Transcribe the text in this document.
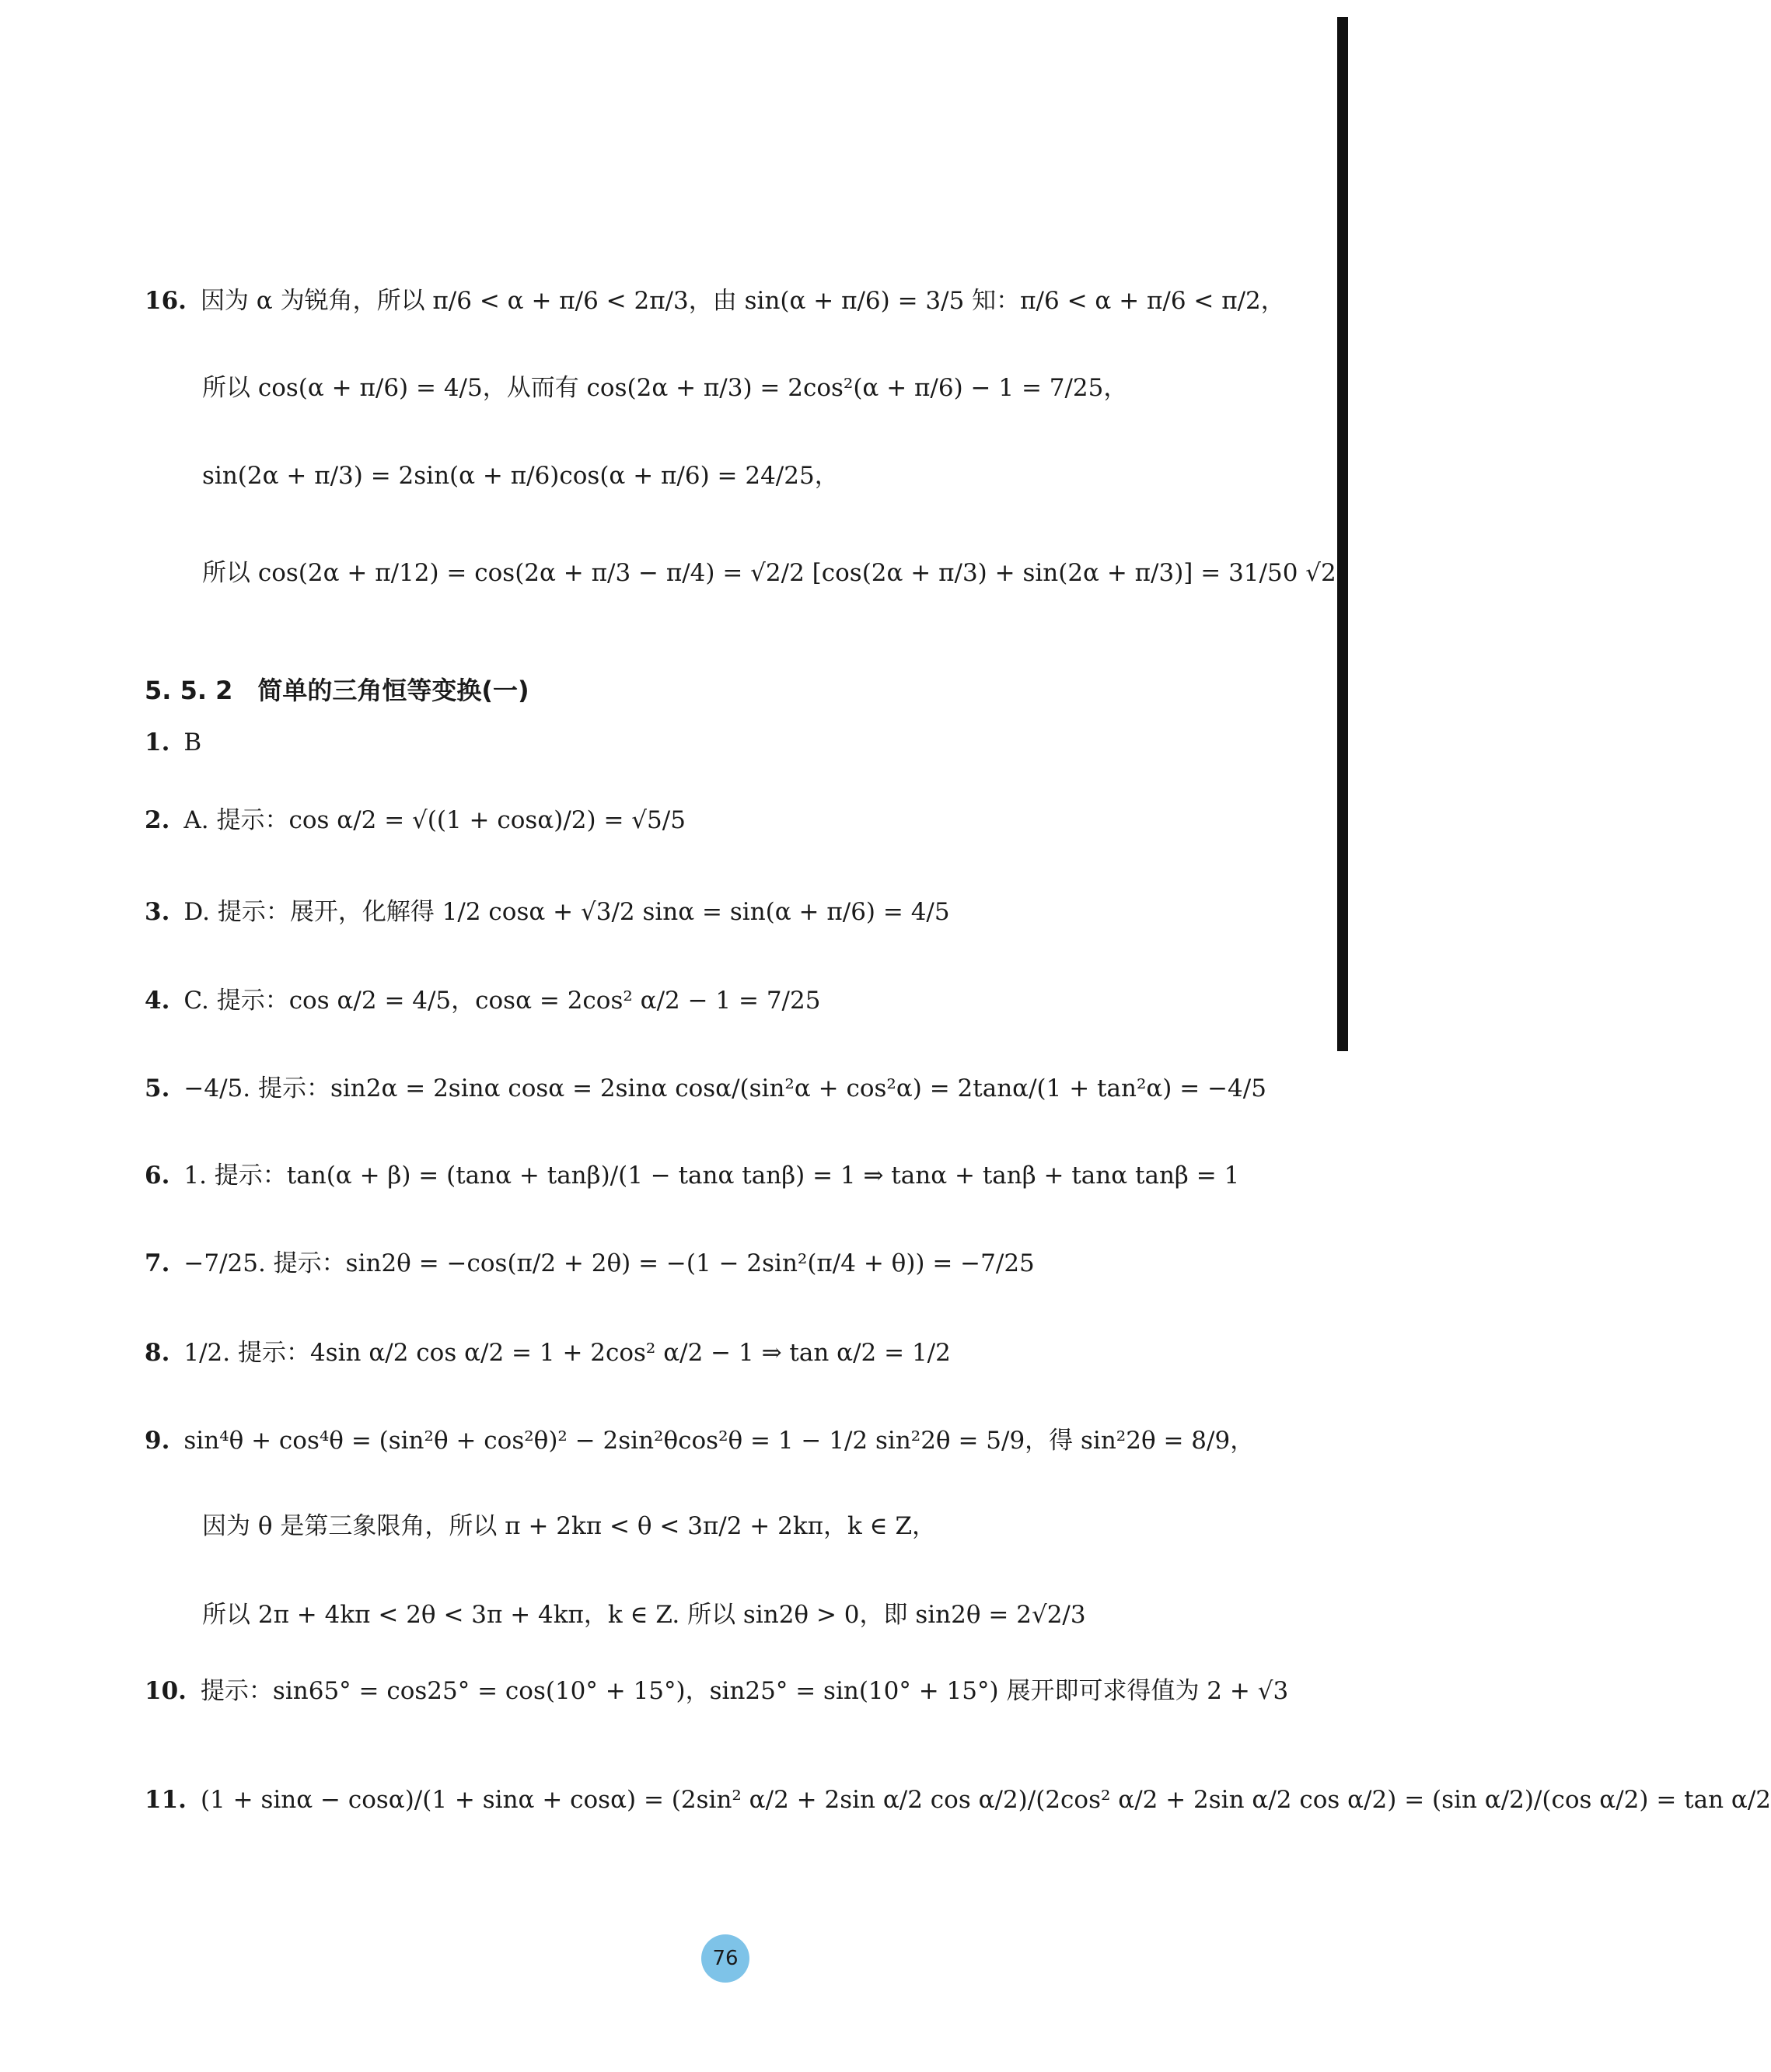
16. 因为 α 为锐角，所以 π/6 < α + π/6 < 2π/3，由 sin(α + π/6) = 3/5 知：π/6 < α + π/6 < π/2，
所以 cos(α + π/6) = 4/5，从而有 cos(2α + π/3) = 2cos²(α + π/6) − 1 = 7/25，
sin(2α + π/3) = 2sin(α + π/6)cos(α + π/6) = 24/25，
所以 cos(2α + π/12) = cos(2α + π/3 − π/4) = √2/2 [cos(2α + π/3) + sin(2α + π/3)] = 31/50 √2
5. 5. 2　简单的三角恒等变换(一)
1. B
2. A. 提示：cos α/2 = √((1 + cosα)/2) = √5/5
3. D. 提示：展开，化解得 1/2 cosα + √3/2 sinα = sin(α + π/6) = 4/5
4. C. 提示：cos α/2 = 4/5，cosα = 2cos² α/2 − 1 = 7/25
5. −4/5. 提示：sin2α = 2sinα cosα = 2sinα cosα/(sin²α + cos²α) = 2tanα/(1 + tan²α) = −4/5
6. 1. 提示：tan(α + β) = (tanα + tanβ)/(1 − tanα tanβ) = 1 ⇒ tanα + tanβ + tanα tanβ = 1
7. −7/25. 提示：sin2θ = −cos(π/2 + 2θ) = −(1 − 2sin²(π/4 + θ)) = −7/25
8. 1/2. 提示：4sin α/2 cos α/2 = 1 + 2cos² α/2 − 1 ⇒ tan α/2 = 1/2
9. sin⁴θ + cos⁴θ = (sin²θ + cos²θ)² − 2sin²θcos²θ = 1 − 1/2 sin²2θ = 5/9，得 sin²2θ = 8/9，
因为 θ 是第三象限角，所以 π + 2kπ < θ < 3π/2 + 2kπ，k ∈ Z，
所以 2π + 4kπ < 2θ < 3π + 4kπ，k ∈ Z. 所以 sin2θ > 0，即 sin2θ = 2√2/3
10. 提示：sin65° = cos25° = cos(10° + 15°)，sin25° = sin(10° + 15°) 展开即可求得值为 2 + √3
11. (1 + sinα − cosα)/(1 + sinα + cosα) = (2sin² α/2 + 2sin α/2 cos α/2)/(2cos² α/2 + 2sin α/2 cos α/2) = (sin α/2)/(cos α/2) = tan α/2
76
